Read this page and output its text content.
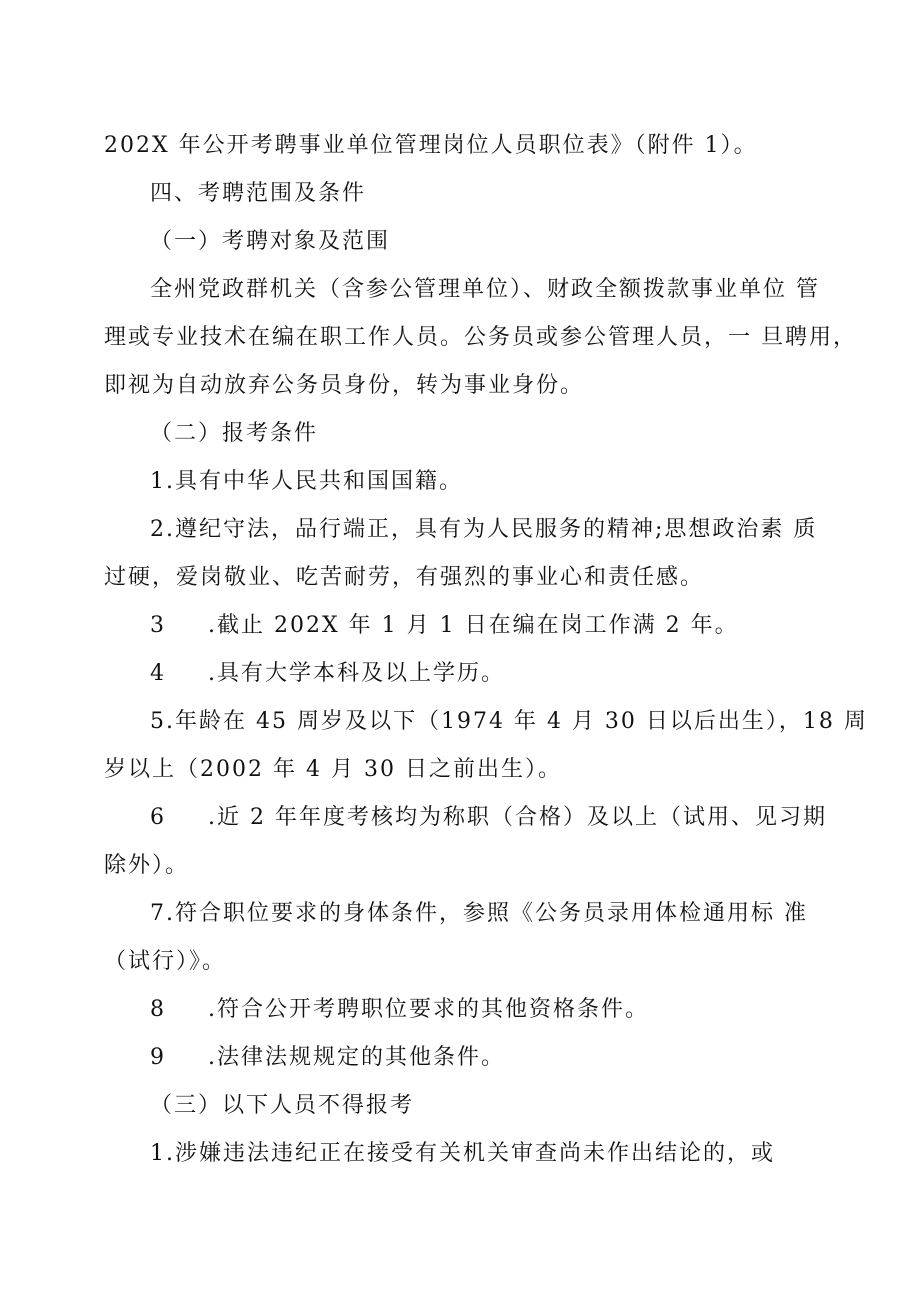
202X 年公开考聘事业单位管理岗位人员职位表》（附件 1）。
四、考聘范围及条件
（一）考聘对象及范围
全州党政群机关（含参公管理单位）、财政全额拨款事业单位 管
理或专业技术在编在职工作人员。公务员或参公管理人员，一 旦聘用，
即视为自动放弃公务员身份，转为事业身份。
（二）报考条件
1.具有中华人民共和国国籍。
2.遵纪守法，品行端正，具有为人民服务的精神;思想政治素 质
过硬，爱岗敬业、吃苦耐劳，有强烈的事业心和责任感。
3 .截止 202X 年 1 月 1 日在编在岗工作满 2 年。
4 .具有大学本科及以上学历。
5.年龄在 45 周岁及以下（1974 年 4 月 30 日以后出生），18 周
岁以上（2002 年 4 月 30 日之前出生）。
6 .近 2 年年度考核均为称职（合格）及以上（试用、见习期
除外）。
7.符合职位要求的身体条件，参照《公务员录用体检通用标 准
（试行）》。
8 .符合公开考聘职位要求的其他资格条件。
9 .法律法规规定的其他条件。
（三）以下人员不得报考
1.涉嫌违法违纪正在接受有关机关审查尚未作出结论的，或
